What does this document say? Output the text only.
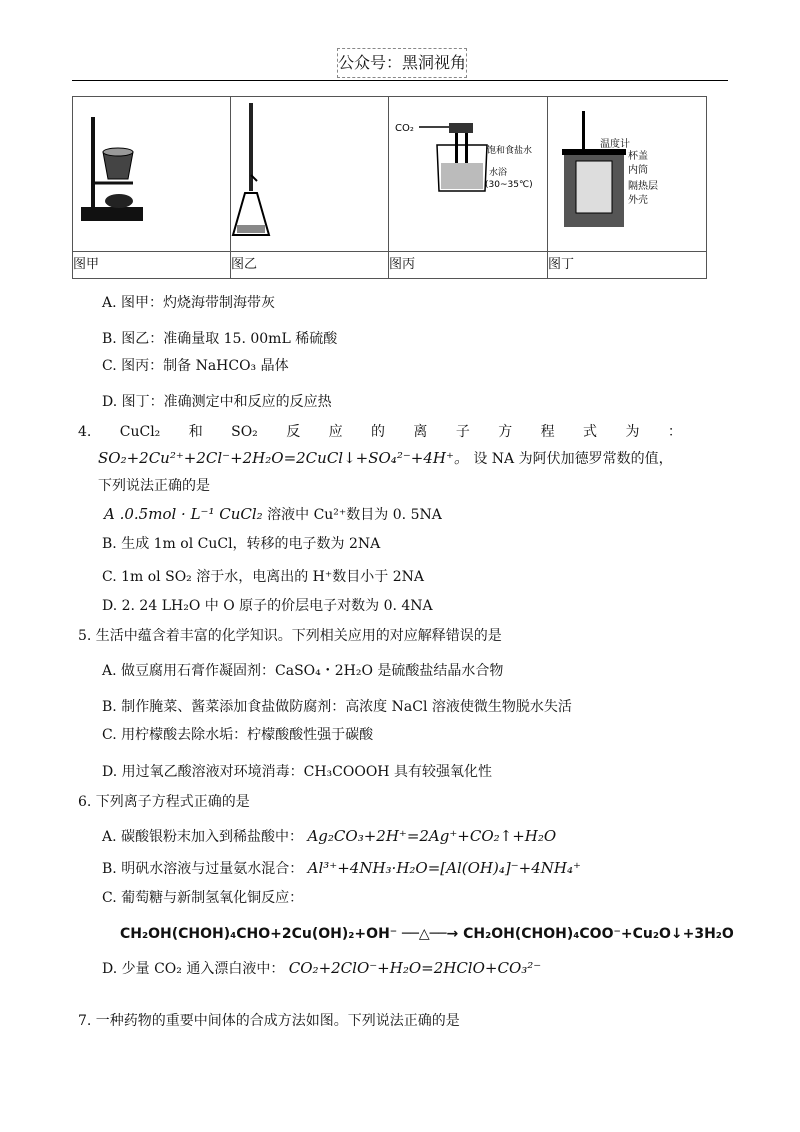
公众号：黑洞视角

CO₂
饱和食盐水
水浴
(30~35℃)	温度计
杯盖
内筒
隔热层
外壳

图甲	图乙	图丙	图丁
A. 图甲：灼烧海带制海带灰
B. 图乙：准确量取 15. 00mL 稀硫酸
C. 图丙：制备 NaHCO₃ 晶体
D. 图丁：准确测定中和反应的反应热
4. CuCl₂ 和 SO₂ 反 应 的 离 子 方 程 式 为 ：
SO₂+2Cu²⁺+2Cl⁻+2H₂O=2CuCl↓+SO₄²⁻+4H⁺。 设 NA 为阿伏加德罗常数的值，
下列说法正确的是
A .0.5mol · L⁻¹ CuCl₂ 溶液中 Cu²⁺数目为 0. 5NA
B. 生成 1m ol CuCl，转移的电子数为 2NA
C. 1m ol SO₂ 溶于水，电离出的 H⁺数目小于 2NA
D. 2. 24 LH₂O 中 O 原子的价层电子对数为 0. 4NA
5. 生活中蕴含着丰富的化学知识。下列相关应用的对应解释错误的是
A. 做豆腐用石膏作凝固剂：CaSO₄・2H₂O 是硫酸盐结晶水合物
B. 制作腌菜、酱菜添加食盐做防腐剂：高浓度 NaCl 溶液使微生物脱水失活
C. 用柠檬酸去除水垢：柠檬酸酸性强于碳酸
D. 用过氧乙酸溶液对环境消毒：CH₃COOOH 具有较强氧化性
6. 下列离子方程式正确的是
A. 碳酸银粉末加入到稀盐酸中： Ag₂CO₃+2H⁺=2Ag⁺+CO₂↑+H₂O
B. 明矾水溶液与过量氨水混合： Al³⁺+4NH₃·H₂O=[Al(OH)₄]⁻+4NH₄⁺
C. 葡萄糖与新制氢氧化铜反应：
CH₂OH(CHOH)₄CHO+2Cu(OH)₂+OH⁻ ──△──→ CH₂OH(CHOH)₄COO⁻+Cu₂O↓+3H₂O
D. 少量 CO₂ 通入漂白液中： CO₂+2ClO⁻+H₂O=2HClO+CO₃²⁻
7. 一种药物的重要中间体的合成方法如图。下列说法正确的是
